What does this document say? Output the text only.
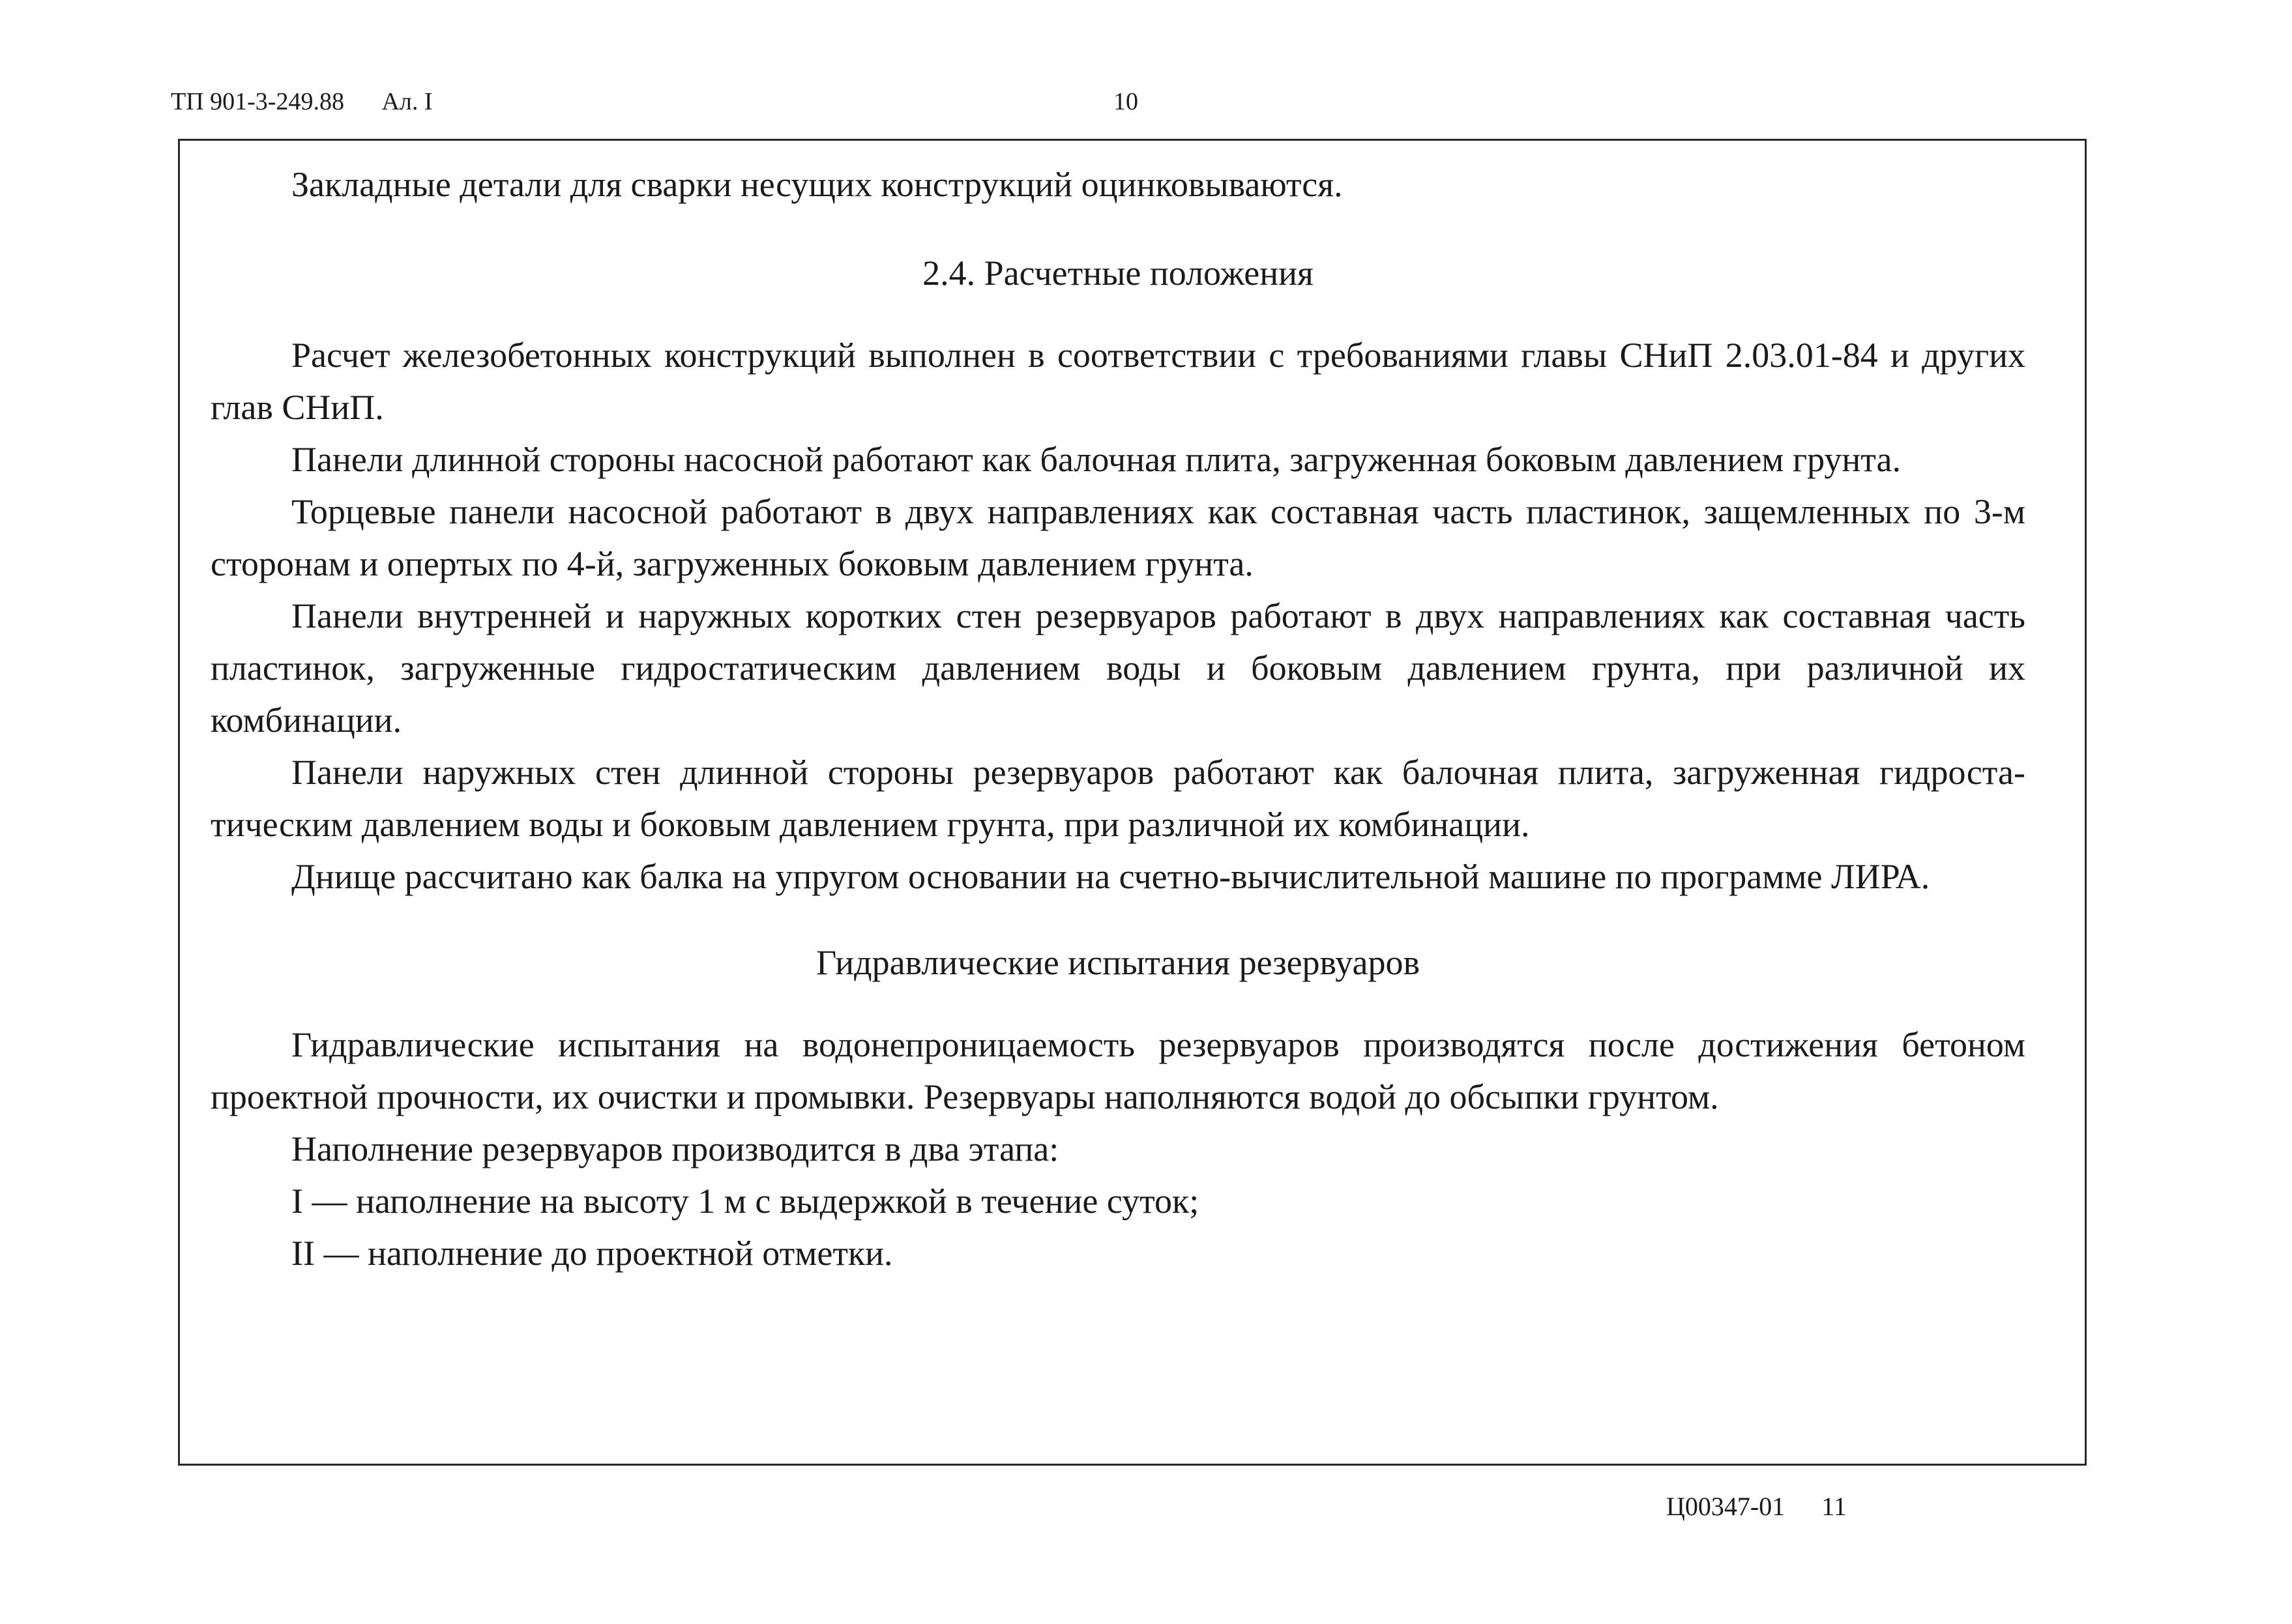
ТП 901-3-249.88 Ал. I	10

Закладные детали для сварки несущих конструкций оцинковываются.

2.4. Расчетные положения

Расчет железобетонных конструкций выполнен в соответствии с требованиями главы СНиП 2.03.01-84 и других глав СНиП.

Панели длинной стороны насосной работают как балочная плита, загруженная боковым давлением грунта.

Торцевые панели насосной работают в двух направлениях как составная часть пластинок, защемленных по 3-м сторонам и опертых по 4-й, загруженных боковым давлением грунта.

Панели внутренней и наружных коротких стен резервуаров работают в двух направлениях как составная часть пластинок, загруженные гидростатическим давлением воды и боковым давлением грунта, при различной их комбинации.

Панели наружных стен длинной стороны резервуаров работают как балочная плита, загруженная гидроста-тическим давлением воды и боковым давлением грунта, при различной их комбинации.

Днище рассчитано как балка на упругом основании на счетно-вычислительной машине по программе ЛИРА.

Гидравлические испытания резервуаров

Гидравлические испытания на водонепроницаемость резервуаров производятся после достижения бетоном проектной прочности, их очистки и промывки. Резервуары наполняются водой до обсыпки грунтом.

Наполнение резервуаров производится в два этапа:

I — наполнение на высоту 1 м с выдержкой в течение суток;

II — наполнение до проектной отметки.

Ц00347-01 11
